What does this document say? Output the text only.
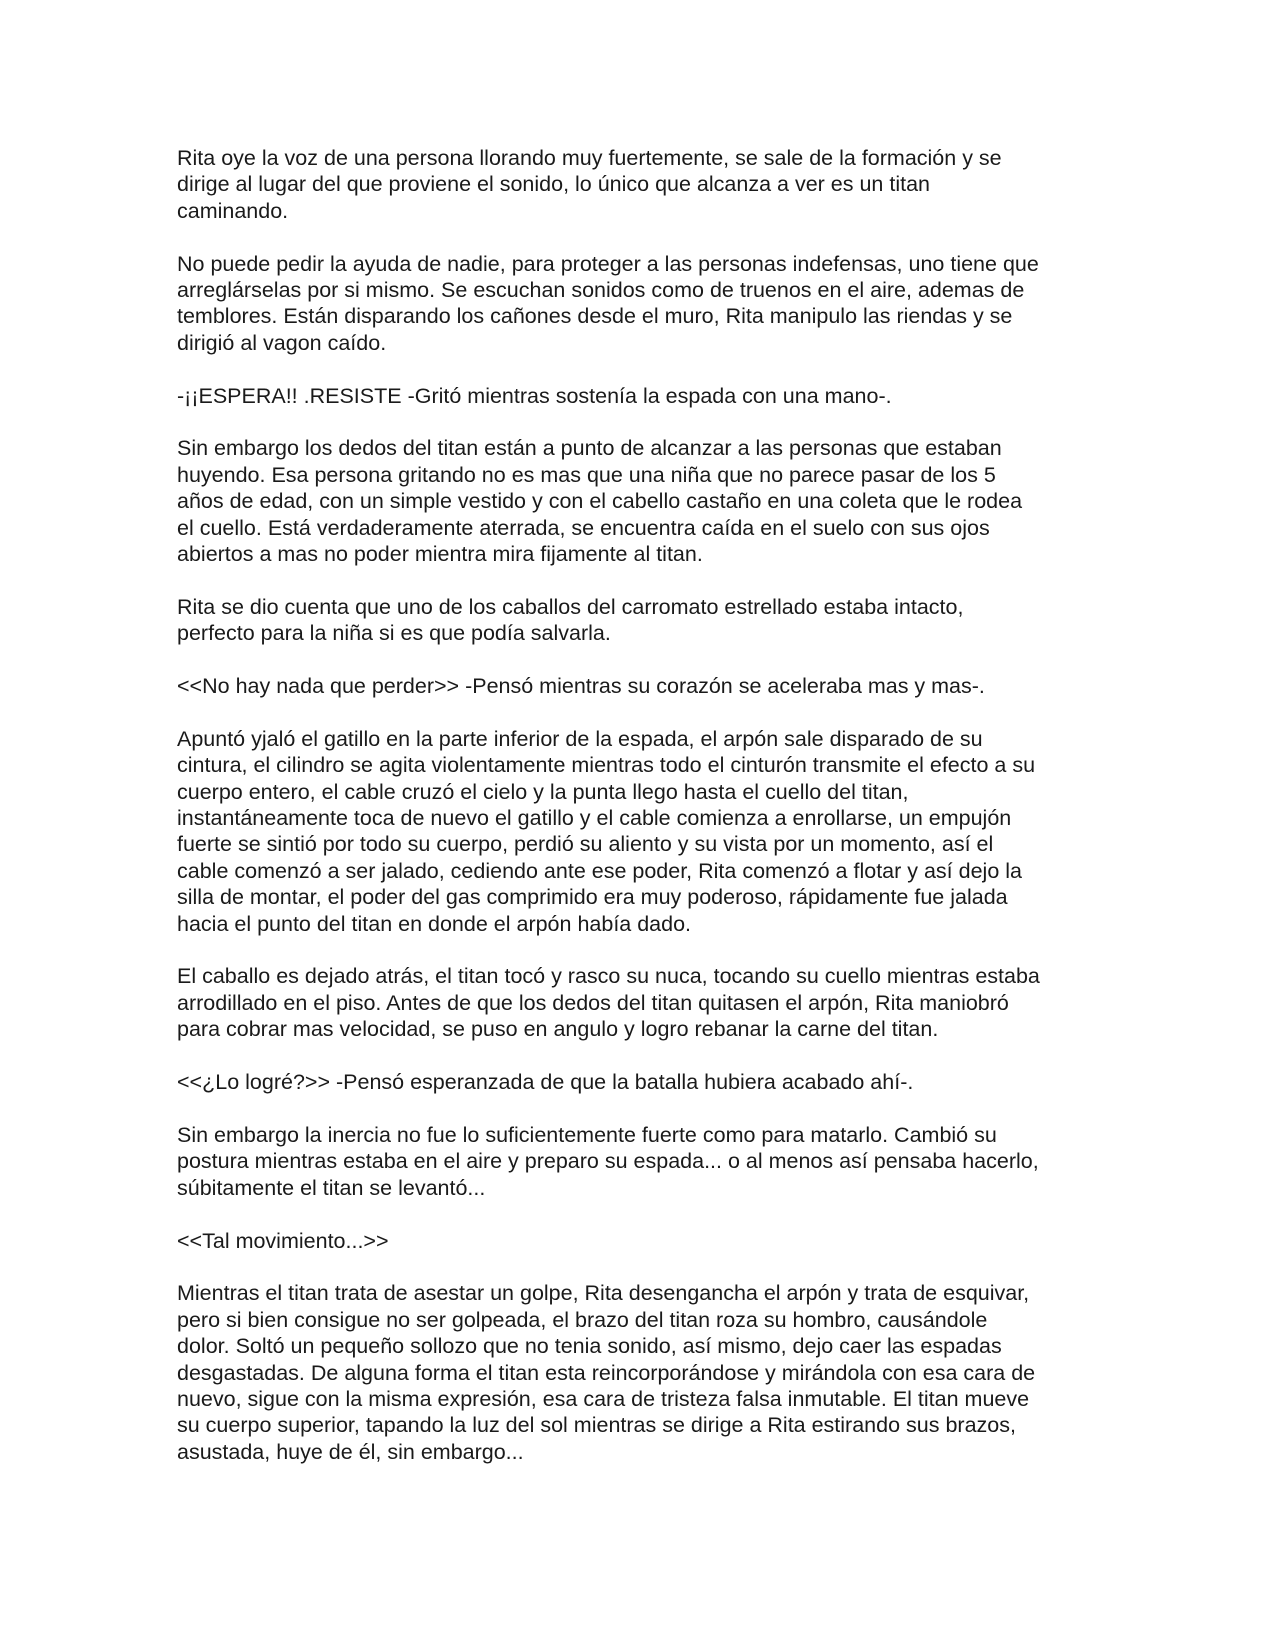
Rita oye la voz de una persona llorando muy fuertemente, se sale de la formación y se
dirige al lugar del que proviene el sonido, lo único que alcanza a ver es un titan
caminando.

No puede pedir la ayuda de nadie, para proteger a las personas indefensas, uno tiene que
arreglárselas por si mismo. Se escuchan sonidos como de truenos en el aire, ademas de
temblores. Están disparando los cañones desde el muro, Rita manipulo las riendas y se
dirigió al vagon caído.

-¡¡ESPERA!! .RESISTE -Gritó mientras sostenía la espada con una mano-.

Sin embargo los dedos del titan están a punto de alcanzar a las personas que estaban
huyendo. Esa persona gritando no es mas que una niña que no parece pasar de los 5
años de edad, con un simple vestido y con el cabello castaño en una coleta que le rodea
el cuello. Está verdaderamente aterrada, se encuentra caída en el suelo con sus ojos
abiertos a mas no poder mientra mira fijamente al titan.

Rita se dio cuenta que uno de los caballos del carromato estrellado estaba intacto,
perfecto para la niña si es que podía salvarla.

<<No hay nada que perder>> -Pensó mientras su corazón se aceleraba mas y mas-.

Apuntó yjaló el gatillo en la parte inferior de la espada, el arpón sale disparado de su
cintura, el cilindro se agita violentamente mientras todo el cinturón transmite el efecto a su
cuerpo entero, el cable cruzó el cielo y la punta llego hasta el cuello del titan,
instantáneamente toca de nuevo el gatillo y el cable comienza a enrollarse, un empujón
fuerte se sintió por todo su cuerpo, perdió su aliento y su vista por un momento, así el
cable comenzó a ser jalado, cediendo ante ese poder, Rita comenzó a flotar y así dejo la
silla de montar, el poder del gas comprimido era muy poderoso, rápidamente fue jalada
hacia el punto del titan en donde el arpón había dado.

El caballo es dejado atrás, el titan tocó y rasco su nuca, tocando su cuello mientras estaba
arrodillado en el piso. Antes de que los dedos del titan quitasen el arpón, Rita maniobró
para cobrar mas velocidad, se puso en angulo y logro rebanar la carne del titan.

<<¿Lo logré?>> -Pensó esperanzada de que la batalla hubiera acabado ahí-.

Sin embargo la inercia no fue lo suficientemente fuerte como para matarlo. Cambió su
postura mientras estaba en el aire y preparo su espada... o al menos así pensaba hacerlo,
súbitamente el titan se levantó...

<<Tal movimiento...>>

Mientras el titan trata de asestar un golpe, Rita desengancha el arpón y trata de esquivar,
pero si bien consigue no ser golpeada, el brazo del titan roza su hombro, causándole
dolor. Soltó un pequeño sollozo que no tenia sonido, así mismo, dejo caer las espadas
desgastadas. De alguna forma el titan esta reincorporándose y mirándola con esa cara de
nuevo, sigue con la misma expresión, esa cara de tristeza falsa inmutable. El titan mueve
su cuerpo superior, tapando la luz del sol mientras se dirige a Rita estirando sus brazos,
asustada, huye de él, sin embargo...
